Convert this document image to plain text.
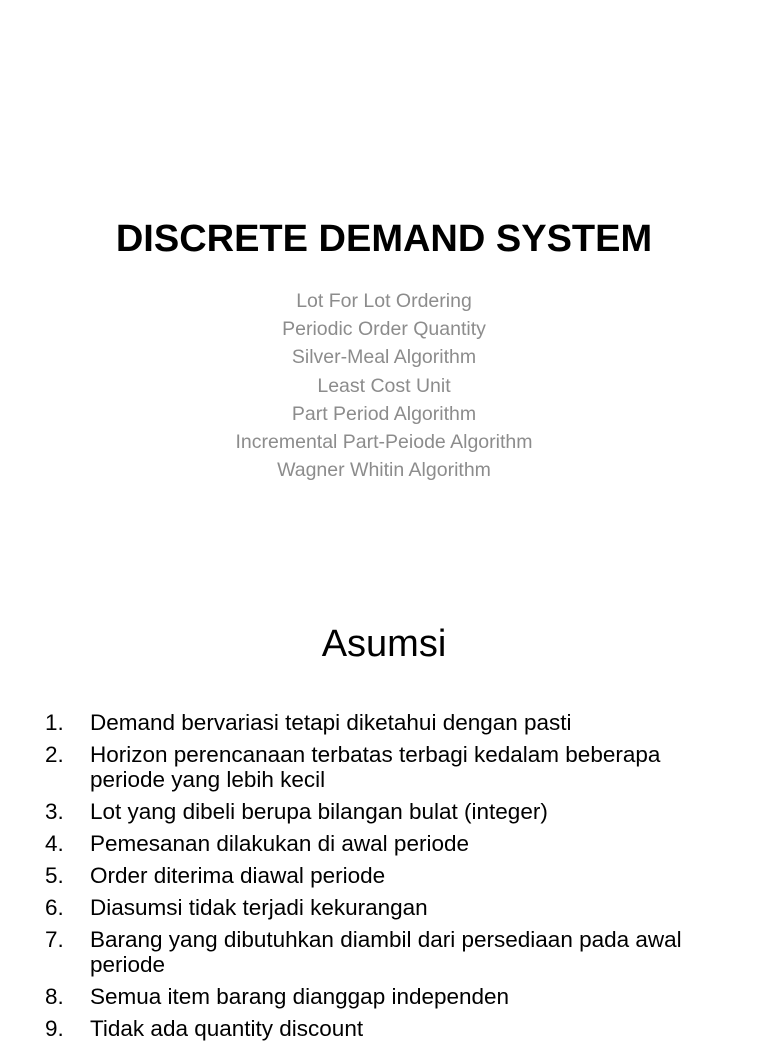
DISCRETE DEMAND SYSTEM
Lot For Lot Ordering
Periodic Order Quantity
Silver-Meal Algorithm
Least Cost Unit
Part Period Algorithm
Incremental Part-Peiode Algorithm
Wagner Whitin Algorithm
Asumsi
1. Demand bervariasi tetapi diketahui dengan pasti
2. Horizon perencanaan terbatas terbagi kedalam beberapa periode yang lebih kecil
3. Lot yang dibeli berupa bilangan bulat (integer)
4. Pemesanan dilakukan di awal periode
5. Order diterima diawal periode
6. Diasumsi tidak terjadi kekurangan
7. Barang yang dibutuhkan diambil dari persediaan pada awal periode
8. Semua item barang dianggap independen
9. Tidak ada quantity discount
